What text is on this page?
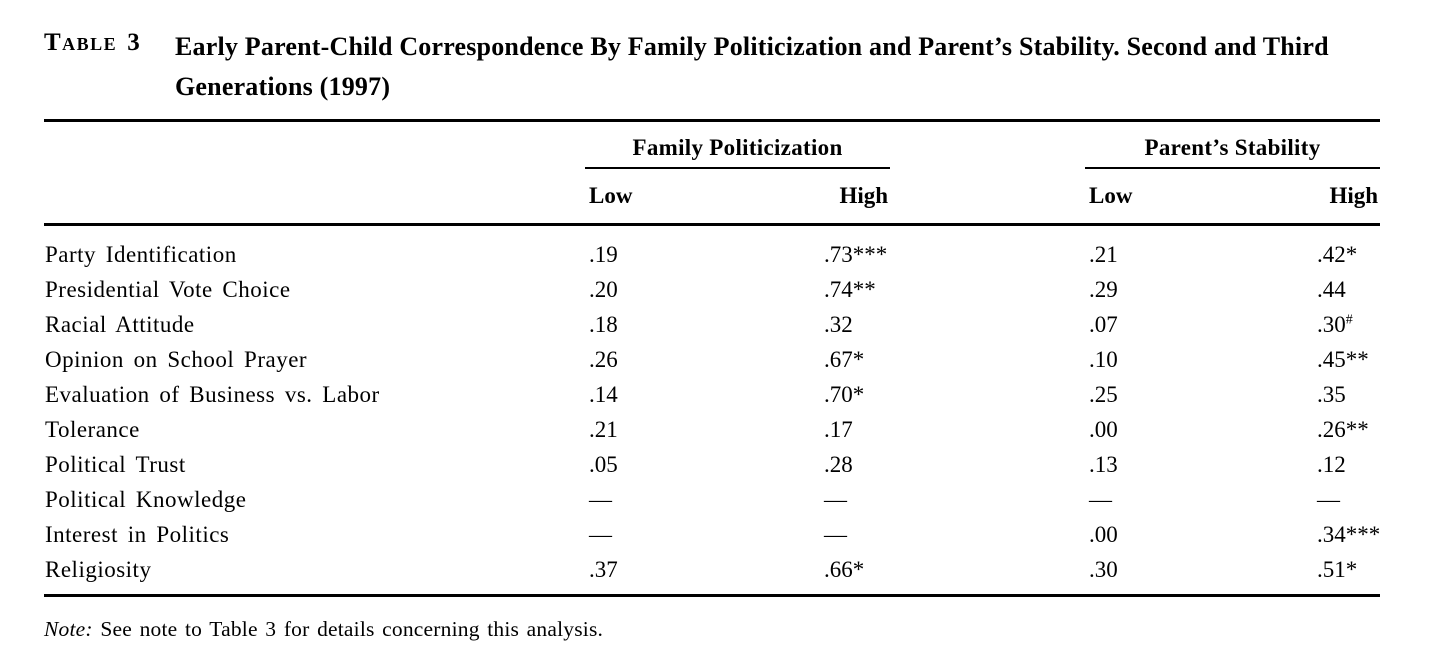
Table 3	Early Parent-Child Correspondence By Family Politicization and Parent’s Stability. Second and Third Generations (1997)
	Family Politicization			Parent’s Stability	
	Low	High		Low	High
Party Identification	.19	.73***		.21	.42*
Presidential Vote Choice	.20	.74**		.29	.44
Racial Attitude	.18	.32		.07	.30#
Opinion on School Prayer	.26	.67*		.10	.45**
Evaluation of Business vs. Labor	.14	.70*		.25	.35
Tolerance	.21	.17		.00	.26**
Political Trust	.05	.28		.13	.12
Political Knowledge	—	—		—	—
Interest in Politics	—	—		.00	.34***
Religiosity	.37	.66*		.30	.51*
Note: See note to Table 3 for details concerning this analysis.
